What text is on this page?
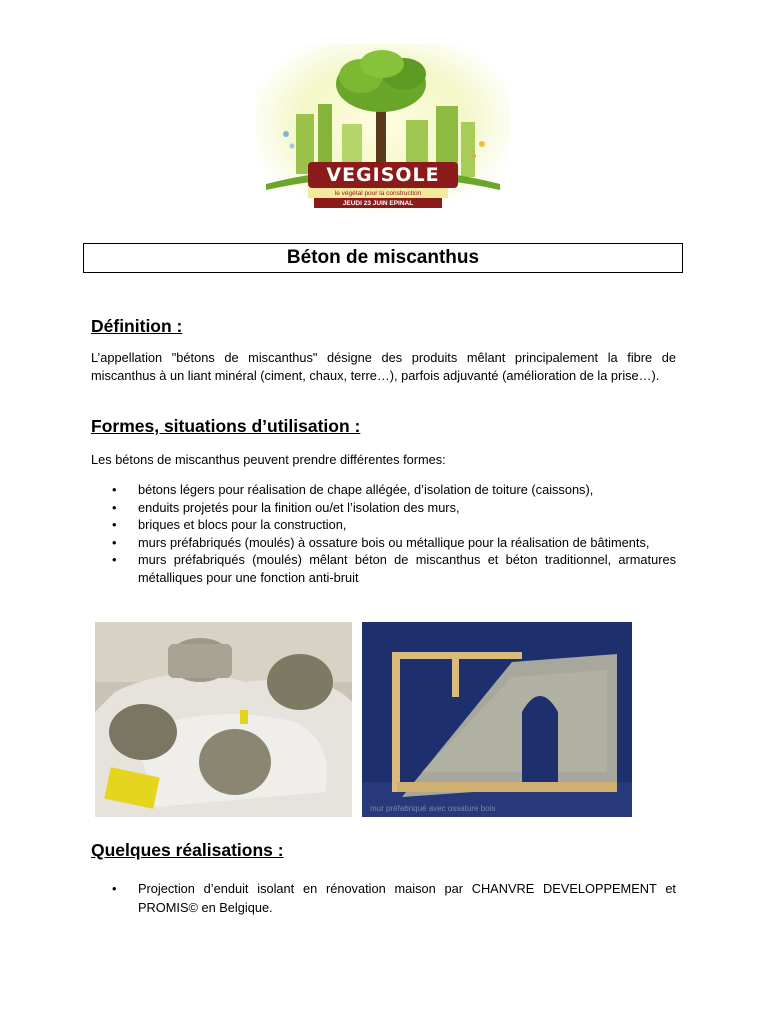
VEGISOLE
le végétal pour la construction
JEUDI 23 JUIN EPINAL
Béton de miscanthus
Définition :

L’appellation "bétons de miscanthus" désigne des produits mêlant principalement la fibre de miscanthus à un liant minéral (ciment, chaux, terre…), parfois adjuvanté (amélioration de la prise…).

Formes, situations d’utilisation :

Les bétons de miscanthus peuvent prendre différentes formes:

• bétons légers pour réalisation de chape allégée, d’isolation de toiture (caissons),
• enduits projetés pour la finition ou/et l’isolation des murs,
• briques et blocs pour la construction,
• murs préfabriqués (moulés) à ossature bois ou métallique pour la réalisation de bâtiments,
• murs préfabriqués (moulés) mêlant béton de miscanthus et béton traditionnel, armatures métalliques pour une fonction anti-bruit
mur préfabriqué avec ossature bois
Quelques réalisations :
• Projection d’enduit isolant en rénovation maison par CHANVRE DEVELOPPEMENT et PROMIS© en Belgique.
